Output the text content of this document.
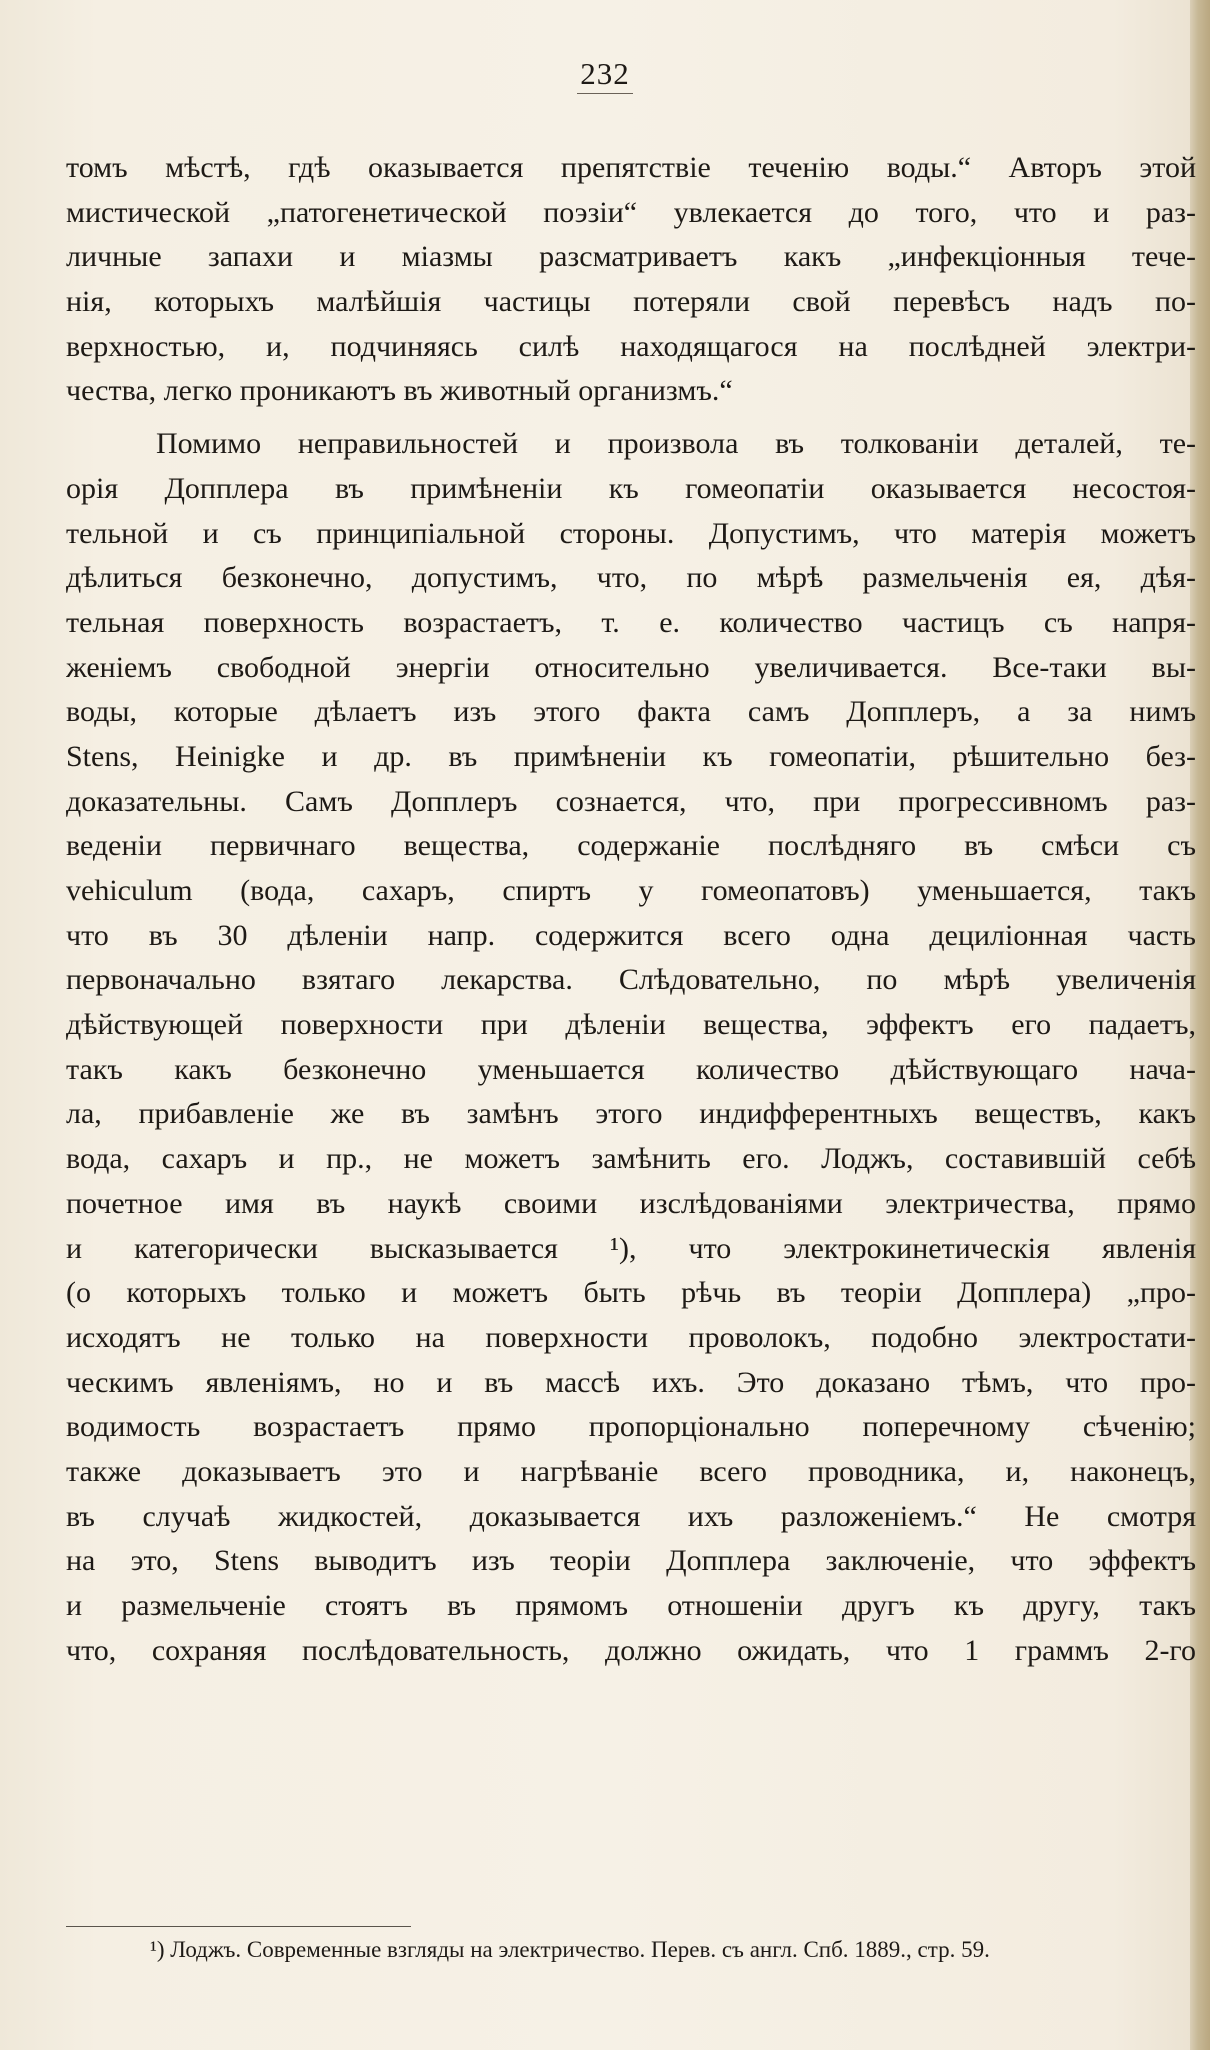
232
томъ мѣстѣ, гдѣ оказывается препятствіе теченію воды.“ Авторъ этой
мистической „патогенетической поэзіи“ увлекается до того, что и раз-
личные запахи и міазмы разсматриваетъ какъ „инфекціонныя тече-
нія, которыхъ малѣйшія частицы потеряли свой перевѣсъ надъ по-
верхностью, и, подчиняясь силѣ находящагося на послѣдней электри-
чества, легко проникаютъ въ животный организмъ.“
Помимо неправильностей и произвола въ толкованіи деталей, те-
орія Допплера въ примѣненіи къ гомеопатіи оказывается несостоя-
тельной и съ принципіальной стороны. Допустимъ, что матерія можетъ
дѣлиться безконечно, допустимъ, что, по мѣрѣ размельченія ея, дѣя-
тельная поверхность возрастаетъ, т. е. количество частицъ съ напря-
женіемъ свободной энергіи относительно увеличивается. Все-таки вы-
воды, которые дѣлаетъ изъ этого факта самъ Допплеръ, а за нимъ
Stens, Heinigke и др. въ примѣненіи къ гомеопатіи, рѣшительно без-
доказательны. Самъ Допплеръ сознается, что, при прогрессивномъ раз-
веденіи первичнаго вещества, содержаніе послѣдняго въ смѣси съ
vehiculum (вода, сахаръ, спиртъ у гомеопатовъ) уменьшается, такъ
что въ 30 дѣленіи напр. содержится всего одна дециліонная часть
первоначально взятаго лекарства. Слѣдовательно, по мѣрѣ увеличенія
дѣйствующей поверхности при дѣленіи вещества, эффектъ его падаетъ,
такъ какъ безконечно уменьшается количество дѣйствующаго нача-
ла, прибавленіе же въ замѣнъ этого индифферентныхъ веществъ, какъ
вода, сахаръ и пр., не можетъ замѣнить его. Лоджъ, составившій себѣ
почетное имя въ наукѣ своими изслѣдованіями электричества, прямо
и категорически высказывается ¹), что электрокинетическія явленія
(о которыхъ только и можетъ быть рѣчь въ теоріи Допплера) „про-
исходятъ не только на поверхности проволокъ, подобно электростати-
ческимъ явленіямъ, но и въ массѣ ихъ. Это доказано тѣмъ, что про-
водимость возрастаетъ прямо пропорціонально поперечному сѣченію;
также доказываетъ это и нагрѣваніе всего проводника, и, наконецъ,
въ случаѣ жидкостей, доказывается ихъ разложеніемъ.“ Не смотря
на это, Stens выводитъ изъ теоріи Допплера заключеніе, что эффектъ
и размельченіе стоятъ въ прямомъ отношеніи другъ къ другу, такъ
что, сохраняя послѣдовательность, должно ожидать, что 1 граммъ 2-го
¹) Лоджъ. Современные взгляды на электричество. Перев. съ англ. Спб. 1889., стр. 59.
